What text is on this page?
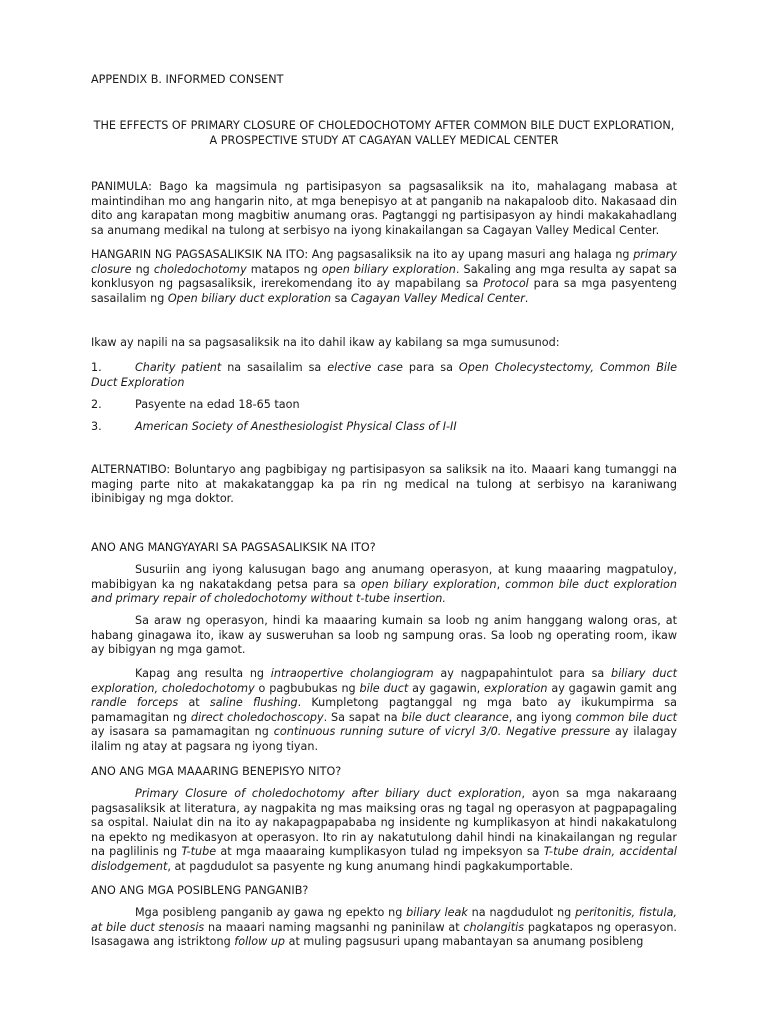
APPENDIX B. INFORMED CONSENT

THE EFFECTS OF PRIMARY CLOSURE OF CHOLEDOCHOTOMY AFTER COMMON BILE DUCT EXPLORATION,

A PROSPECTIVE STUDY AT CAGAYAN VALLEY MEDICAL CENTER

PANIMULA: Bago ka magsimula ng partisipasyon sa pagsasaliksik na ito, mahalagang mabasa at maintindihan mo ang hangarin nito, at mga benepisyo at at panganib na nakapaloob dito. Nakasaad din dito ang karapatan mong magbitiw anumang oras. Pagtanggi ng partisipasyon ay hindi makakahadlang sa anumang medikal na tulong at serbisyo na iyong kinakailangan sa Cagayan Valley Medical Center.

HANGARIN NG PAGSASALIKSIK NA ITO: Ang pagsasaliksik na ito ay upang masuri ang halaga ng primary closure ng choledochotomy matapos ng open biliary exploration. Sakaling ang mga resulta ay sapat sa konklusyon ng pagsasaliksik, irerekomendang ito ay mapabilang sa Protocol para sa mga pasyenteng sasailalim ng Open biliary duct exploration sa Cagayan Valley Medical Center.

Ikaw ay napili na sa pagsasaliksik na ito dahil ikaw ay kabilang sa mga sumusunod:

1.	Charity patient na sasailalim sa elective case para sa Open Cholecystectomy, Common Bile Duct Exploration

2.	Pasyente na edad 18-65 taon

3.	American Society of Anesthesiologist Physical Class of I-II

ALTERNATIBO: Boluntaryo ang pagbibigay ng partisipasyon sa saliksik na ito. Maaari kang tumanggi na maging parte nito at makakatanggap ka pa rin ng medical na tulong at serbisyo na karaniwang ibinibigay ng mga doktor.

ANO ANG MANGYAYARI SA PAGSASALIKSIK NA ITO?

Susuriin ang iyong kalusugan bago ang anumang operasyon, at kung maaaring magpatuloy, mabibigyan ka ng nakatakdang petsa para sa open biliary exploration, common bile duct exploration and primary repair of choledochotomy without t-tube insertion.

Sa araw ng operasyon, hindi ka maaaring kumain sa loob ng anim hanggang walong oras, at habang ginagawa ito, ikaw ay susweruhan sa loob ng sampung oras. Sa loob ng operating room, ikaw ay bibigyan ng mga gamot.

Kapag ang resulta ng intraopertive cholangiogram ay nagpapahintulot para sa biliary duct exploration, choledochotomy o pagbubukas ng bile duct ay gagawin, exploration ay gagawin gamit ang randle forceps at saline flushing. Kumpletong pagtanggal ng mga bato ay ikukumpirma sa pamamagitan ng direct choledochoscopy. Sa sapat na bile duct clearance, ang iyong common bile duct ay isasara sa pamamagitan ng continuous running suture of vicryl 3/0. Negative pressure ay ilalagay ilalim ng atay at pagsara ng iyong tiyan.

ANO ANG MGA MAAARING BENEPISYO NITO?

Primary Closure of choledochotomy after biliary duct exploration, ayon sa mga nakaraang pagsasaliksik at literatura, ay nagpakita ng mas maiksing oras ng tagal ng operasyon at pagpapagaling sa ospital. Naiulat din na ito ay nakapagpapababa ng insidente ng kumplikasyon at hindi nakakatulong na epekto ng medikasyon at operasyon. Ito rin ay nakatutulong dahil hindi na kinakailangan ng regular na paglilinis ng T-tube at mga maaaraing kumplikasyon tulad ng impeksyon sa T-tube drain, accidental dislodgement, at pagdudulot sa pasyente ng kung anumang hindi pagkakumportable.

ANO ANG MGA POSIBLENG PANGANIB?

Mga posibleng panganib ay gawa ng epekto ng biliary leak na nagdudulot ng peritonitis, fistula, at bile duct stenosis na maaari naming magsanhi ng paninilaw at cholangitis pagkatapos ng operasyon. Isasagawa ang istriktong follow up at muling pagsusuri upang mabantayan sa anumang posibleng
